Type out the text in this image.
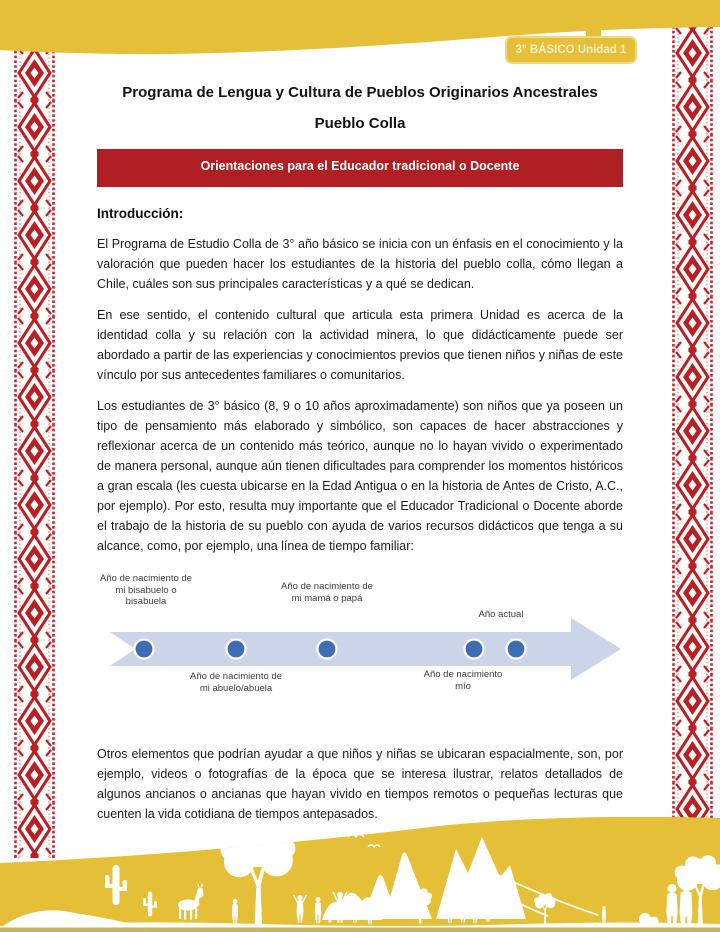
3° BÁSICO Unidad 1
Programa de Lengua y Cultura de Pueblos Originarios Ancestrales
Pueblo Colla
Orientaciones para el Educador tradicional o Docente
Introducción:

El Programa de Estudio Colla de 3° año básico se inicia con un énfasis en el conocimiento y la valoración que pueden hacer los estudiantes de la historia del pueblo colla, cómo llegan a Chile, cuáles son sus principales características y a qué se dedican.

En ese sentido, el contenido cultural que articula esta primera Unidad es acerca de la identidad colla y su relación con la actividad minera, lo que didácticamente puede ser abordado a partir de las experiencias y conocimientos previos que tienen niños y niñas de este vínculo por sus antecedentes familiares o comunitarios.

Los estudiantes de 3° básico (8, 9 o 10 años aproximadamente) son niños que ya poseen un tipo de pensamiento más elaborado y simbólico, son capaces de hacer abstracciones y reflexionar acerca de un contenido más teórico, aunque no lo hayan vivido o experimentado de manera personal, aunque aún tienen dificultades para comprender los momentos históricos a gran escala (les cuesta ubicarse en la Edad Antigua o en la historia de Antes de Cristo, A.C., por ejemplo). Por esto, resulta muy importante que el Educador Tradicional o Docente aborde el trabajo de la historia de su pueblo con ayuda de varios recursos didácticos que tenga a su alcance, como, por ejemplo, una línea de tiempo familiar:

Año de nacimiento de mi bisabuelo o bisabuela
Año de nacimiento de mi abuelo/abuela
Año de nacimiento de mi mamá o papá
Año de nacimiento mío
Año actual

Otros elementos que podrían ayudar a que niños y niñas se ubicaran espacialmente, son, por ejemplo, videos o fotografías de la época que se interesa ilustrar, relatos detallados de algunos ancianos o ancianas que hayan vivido en tiempos remotos o pequeñas lecturas que cuenten la vida cotidiana de tiempos antepasados.
